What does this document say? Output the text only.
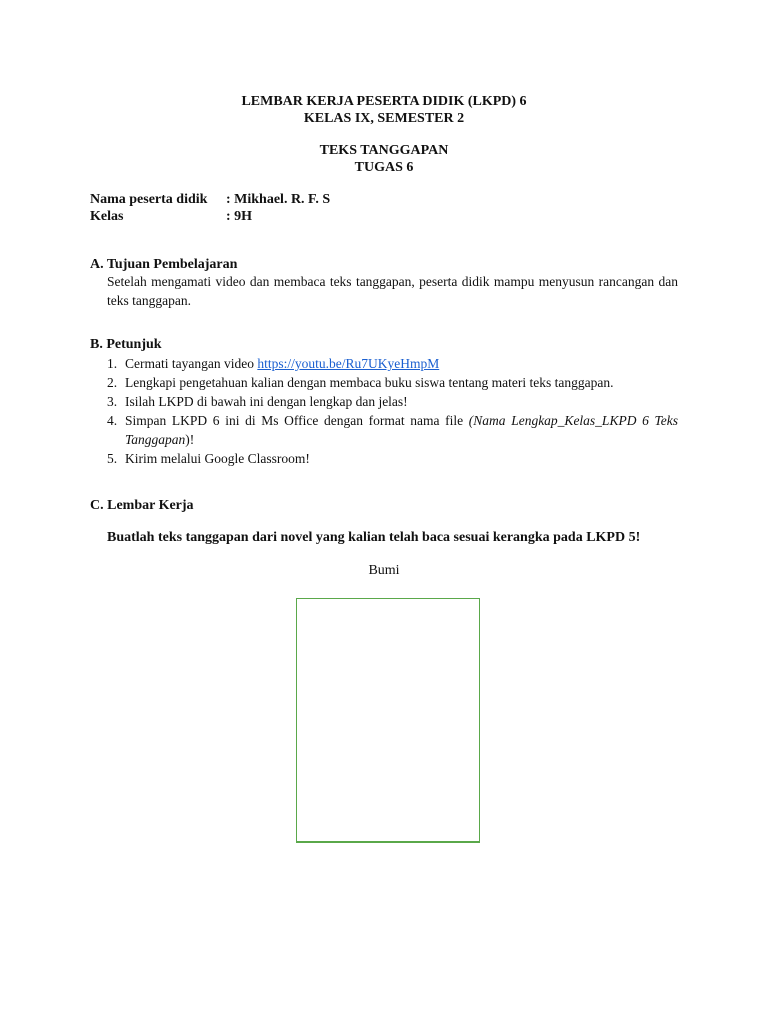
LEMBAR KERJA PESERTA DIDIK (LKPD) 6
KELAS IX, SEMESTER 2
TEKS TANGGAPAN
TUGAS 6
Nama peserta didik	: Mikhael. R. F. S
Kelas	: 9H
A. Tujuan Pembelajaran
Setelah mengamati video dan membaca teks tanggapan, peserta didik mampu menyusun rancangan dan teks tanggapan.
B. Petunjuk
1. Cermati tayangan video https://youtu.be/Ru7UKyeHmpM
2. Lengkapi pengetahuan kalian dengan membaca buku siswa tentang materi teks tanggapan.
3. Isilah LKPD di bawah ini dengan lengkap dan jelas!
4. Simpan LKPD 6 ini di Ms Office dengan format nama file (Nama Lengkap_Kelas_LKPD 6 Teks Tanggapan)!
5. Kirim melalui Google Classroom!
C. Lembar Kerja
Buatlah teks tanggapan dari novel yang kalian telah baca sesuai kerangka pada LKPD 5!
Bumi
